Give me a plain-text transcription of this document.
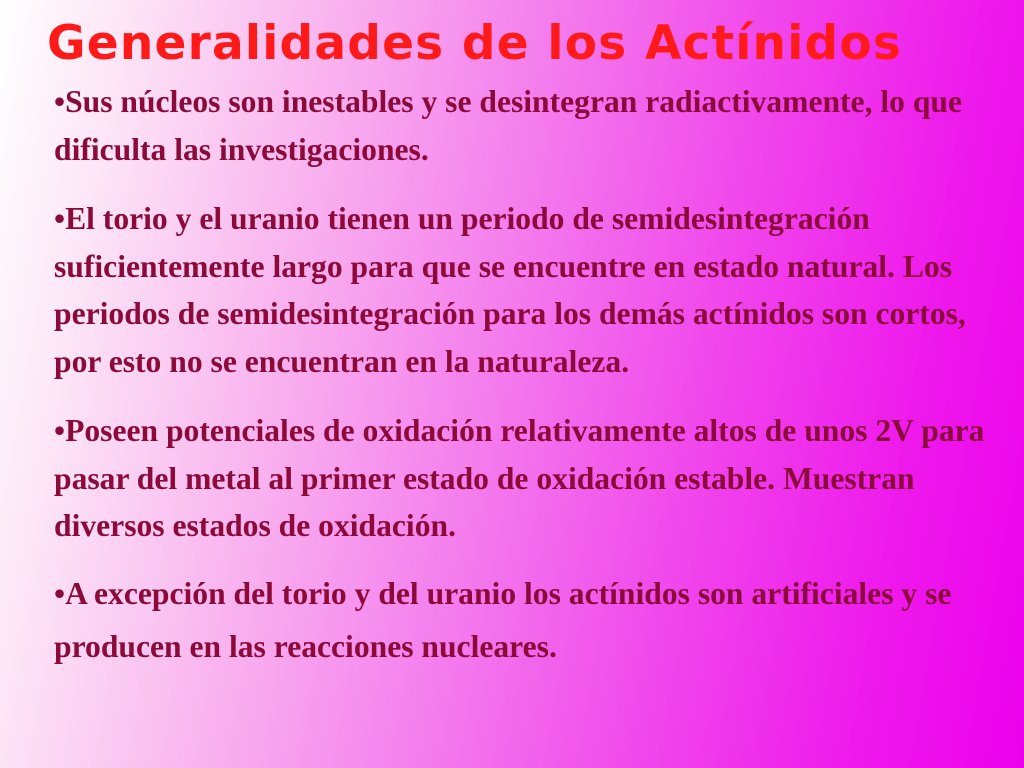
Generalidades de los Actínidos
•Sus núcleos son inestables y se desintegran radiactivamente, lo que dificulta las investigaciones.
•El torio y el uranio tienen un periodo de semidesintegración suficientemente largo para que se encuentre en estado natural. Los periodos de semidesintegración para los demás actínidos son cortos, por esto no se encuentran en la naturaleza.
•Poseen potenciales de oxidación relativamente altos de unos 2V para pasar del metal al primer estado de oxidación estable. Muestran diversos estados de oxidación.
•A excepción del torio y del uranio los actínidos son artificiales y se producen en las reacciones nucleares.
